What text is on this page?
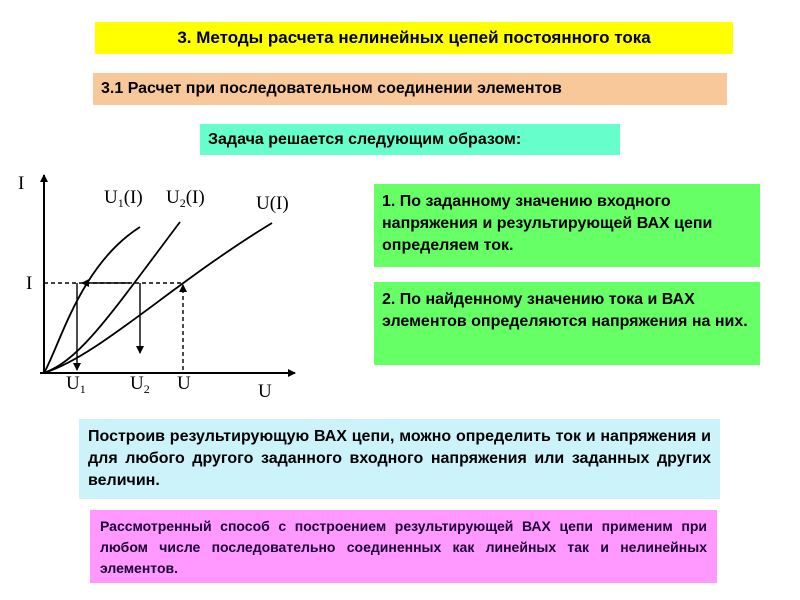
3. Методы расчета нелинейных цепей постоянного тока
3.1 Расчет при последовательном соединении элементов
Задача решается следующим образом:
I
U
I
$U_1(I)$ $U_2(I)$	U(I)
$U_1$ $U_2$ U
1. По заданному значению входного напряжения и результирующей ВАХ цепи определяем ток.
2. По найденному значению тока и ВАХ элементов определяются напряжения на них.
Построив результирующую ВАХ цепи, можно определить ток и напряжения и для любого другого заданного входного напряжения или заданных других величин.
Рассмотренный способ с построением результирующей ВАХ цепи применим при любом числе последовательно соединенных как линейных так и нелинейных элементов.
